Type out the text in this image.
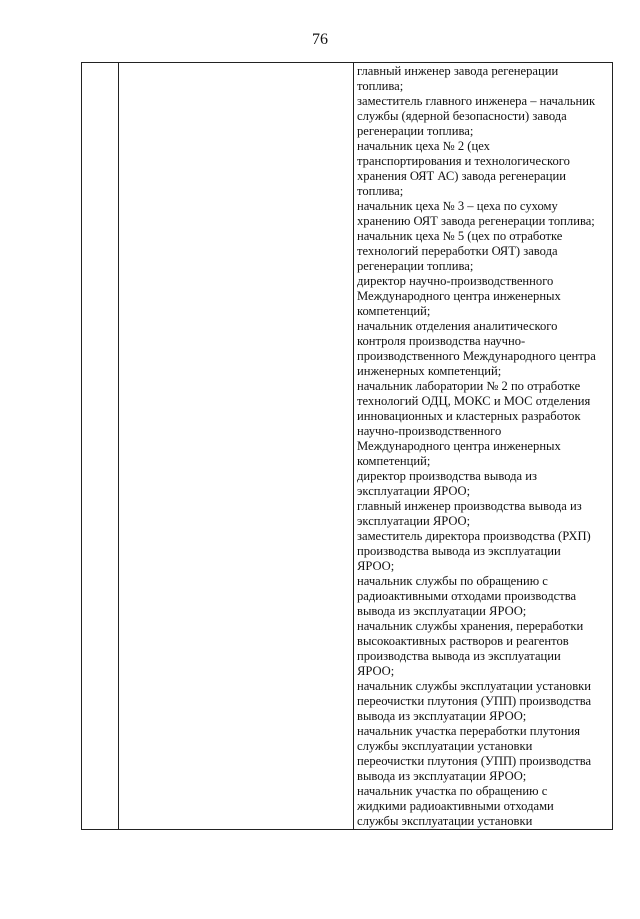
76

главный инженер завода регенерации

топлива;

заместитель главного инженера – начальник

службы (ядерной безопасности) завода

регенерации топлива;

начальник цеха № 2 (цех

транспортирования и технологического

хранения ОЯТ АС) завода регенерации

топлива;

начальник цеха № 3 – цеха по сухому

хранению ОЯТ завода регенерации топлива;

начальник цеха № 5 (цех по отработке

технологий переработки ОЯТ) завода

регенерации топлива;

директор научно-производственного

Международного центра инженерных

компетенций;

начальник отделения аналитического

контроля производства научно-

производственного Международного центра

инженерных компетенций;

начальник лаборатории № 2 по отработке

технологий ОДЦ, МОКС и МОС отделения

инновационных и кластерных разработок

научно-производственного

Международного центра инженерных

компетенций;

директор производства вывода из

эксплуатации ЯРОО;

главный инженер производства вывода из

эксплуатации ЯРОО;

заместитель директора производства (РХП)

производства вывода из эксплуатации

ЯРОО;

начальник службы по обращению с

радиоактивными отходами производства

вывода из эксплуатации ЯРОО;

начальник службы хранения, переработки

высокоактивных растворов и реагентов

производства вывода из эксплуатации

ЯРОО;

начальник службы эксплуатации установки

переочистки плутония (УПП) производства

вывода из эксплуатации ЯРОО;

начальник участка переработки плутония

службы эксплуатации установки

переочистки плутония (УПП) производства

вывода из эксплуатации ЯРОО;

начальник участка по обращению с

жидкими радиоактивными отходами

службы эксплуатации установки
